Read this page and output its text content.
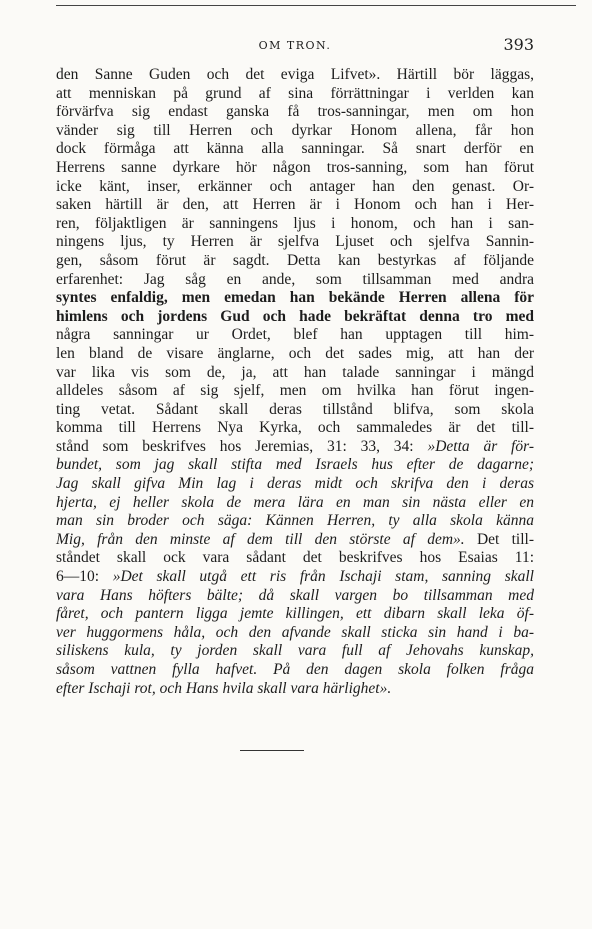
OM TRON.	393
den Sanne Guden och det eviga Lifvet». Härtill bör läggas,
att menniskan på grund af sina förrättningar i verlden kan
förvärfva sig endast ganska få tros-sanningar, men om hon
vänder sig till Herren och dyrkar Honom allena, får hon
dock förmåga att känna alla sanningar. Så snart derför en
Herrens sanne dyrkare hör någon tros-sanning, som han förut
icke känt, inser, erkänner och antager han den genast. Or-
saken härtill är den, att Herren är i Honom och han i Her-
ren, följaktligen är sanningens ljus i honom, och han i san-
ningens ljus, ty Herren är sjelfva Ljuset och sjelfva Sannin-
gen, såsom förut är sagdt. Detta kan bestyrkas af följande
erfarenhet: Jag såg en ande, som tillsamman med andra
syntes enfaldig, men emedan han bekände Herren allena för
himlens och jordens Gud och hade bekräftat denna tro med
några sanningar ur Ordet, blef han upptagen till him-
len bland de visare änglarne, och det sades mig, att han der
var lika vis som de, ja, att han talade sanningar i mängd
alldeles såsom af sig sjelf, men om hvilka han förut ingen-
ting vetat. Sådant skall deras tillstånd blifva, som skola
komma till Herrens Nya Kyrka, och sammaledes är det till-
stånd som beskrifves hos Jeremias, 31: 33, 34: »Detta är för-
bundet, som jag skall stifta med Israels hus efter de dagarne;
Jag skall gifva Min lag i deras midt och skrifva den i deras
hjerta, ej heller skola de mera lära en man sin nästa eller en
man sin broder och säga: Kännen Herren, ty alla skola känna
Mig, från den minste af dem till den störste af dem». Det till-
ståndet skall ock vara sådant det beskrifves hos Esaias 11:
6—10: »Det skall utgå ett ris från Ischaji stam, sanning skall
vara Hans höfters bälte; då skall vargen bo tillsamman med
fåret, och pantern ligga jemte killingen, ett dibarn skall leka öf-
ver huggormens håla, och den afvande skall sticka sin hand i ba-
siliskens kula, ty jorden skall vara full af Jehovahs kunskap,
såsom vattnen fylla hafvet. På den dagen skola folken fråga
efter Ischaji rot, och Hans hvila skall vara härlighet».
